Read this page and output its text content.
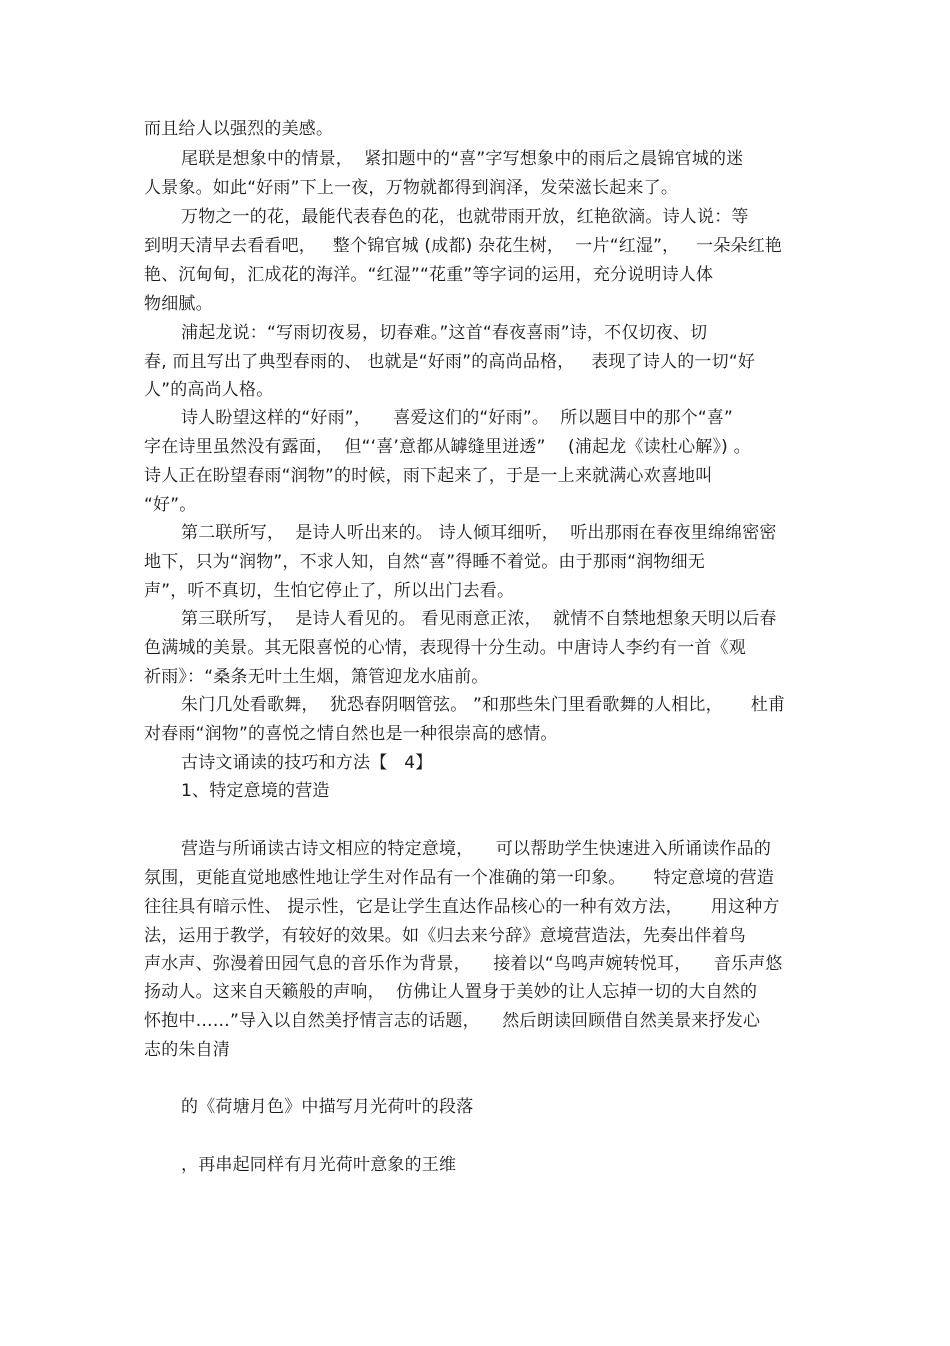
而且给人以强烈的美感。
尾联是想象中的情景，  紧扣题中的“喜”字写想象中的雨后之晨锦官城的迷
人景象。如此“好雨”下上一夜，万物就都得到润泽，发荣滋长起来了。
万物之一的花，最能代表春色的花，也就带雨开放，红艳欲滴。诗人说：等
到明天清早去看看吧，   整个锦官城 (成都) 杂花生树，  一片“红湿”，   一朵朵红艳
艳、沉甸甸，汇成花的海洋。“红湿”“花重”等字词的运用，充分说明诗人体
物细腻。
浦起龙说：“写雨切夜易，切春难。”这首“春夜喜雨”诗，不仅切夜、切
春, 而且写出了典型春雨的、 也就是“好雨”的高尚品格，   表现了诗人的一切“好
人”的高尚人格。
诗人盼望这样的“好雨”，    喜爱这们的“好雨”。  所以题目中的那个“喜”
字在诗里虽然没有露面，  但“‘喜’意都从罅缝里迸透”    (浦起龙《读杜心解》) 。
诗人正在盼望春雨“润物”的时候，雨下起来了，于是一上来就满心欢喜地叫
“好”。
第二联所写，  是诗人听出来的。 诗人倾耳细听，  听出那雨在春夜里绵绵密密
地下，只为“润物”，不求人知，自然“喜”得睡不着觉。由于那雨“润物细无
声”，听不真切，生怕它停止了，所以出门去看。
第三联所写，  是诗人看见的。 看见雨意正浓，  就情不自禁地想象天明以后春
色满城的美景。其无限喜悦的心情，表现得十分生动。中唐诗人李约有一首《观
祈雨》：“桑条无叶土生烟，箫管迎龙水庙前。
朱门几处看歌舞，  犹恐春阴咽管弦。 ”和那些朱门里看歌舞的人相比，     杜甫
对春雨“润物”的喜悦之情自然也是一种很崇高的感情。
古诗文诵读的技巧和方法【   4】
1、特定意境的营造
营造与所诵读古诗文相应的特定意境，    可以帮助学生快速进入所诵读作品的
氛围，更能直觉地感性地让学生对作品有一个准确的第一印象。     特定意境的营造
往往具有暗示性、 提示性，它是让学生直达作品核心的一种有效方法，     用这种方
法，运用于教学，有较好的效果。如《归去来兮辞》意境营造法，先奏出伴着鸟
声水声、弥漫着田园气息的音乐作为背景，    接着以“鸟鸣声婉转悦耳，    音乐声悠
扬动人。这来自天籁般的声响，  仿佛让人置身于美妙的让人忘掉一切的大自然的
怀抱中……”导入以自然美抒情言志的话题，    然后朗读回顾借自然美景来抒发心
志的朱自清
的《荷塘月色》中描写月光荷叶的段落
，再串起同样有月光荷叶意象的王维
